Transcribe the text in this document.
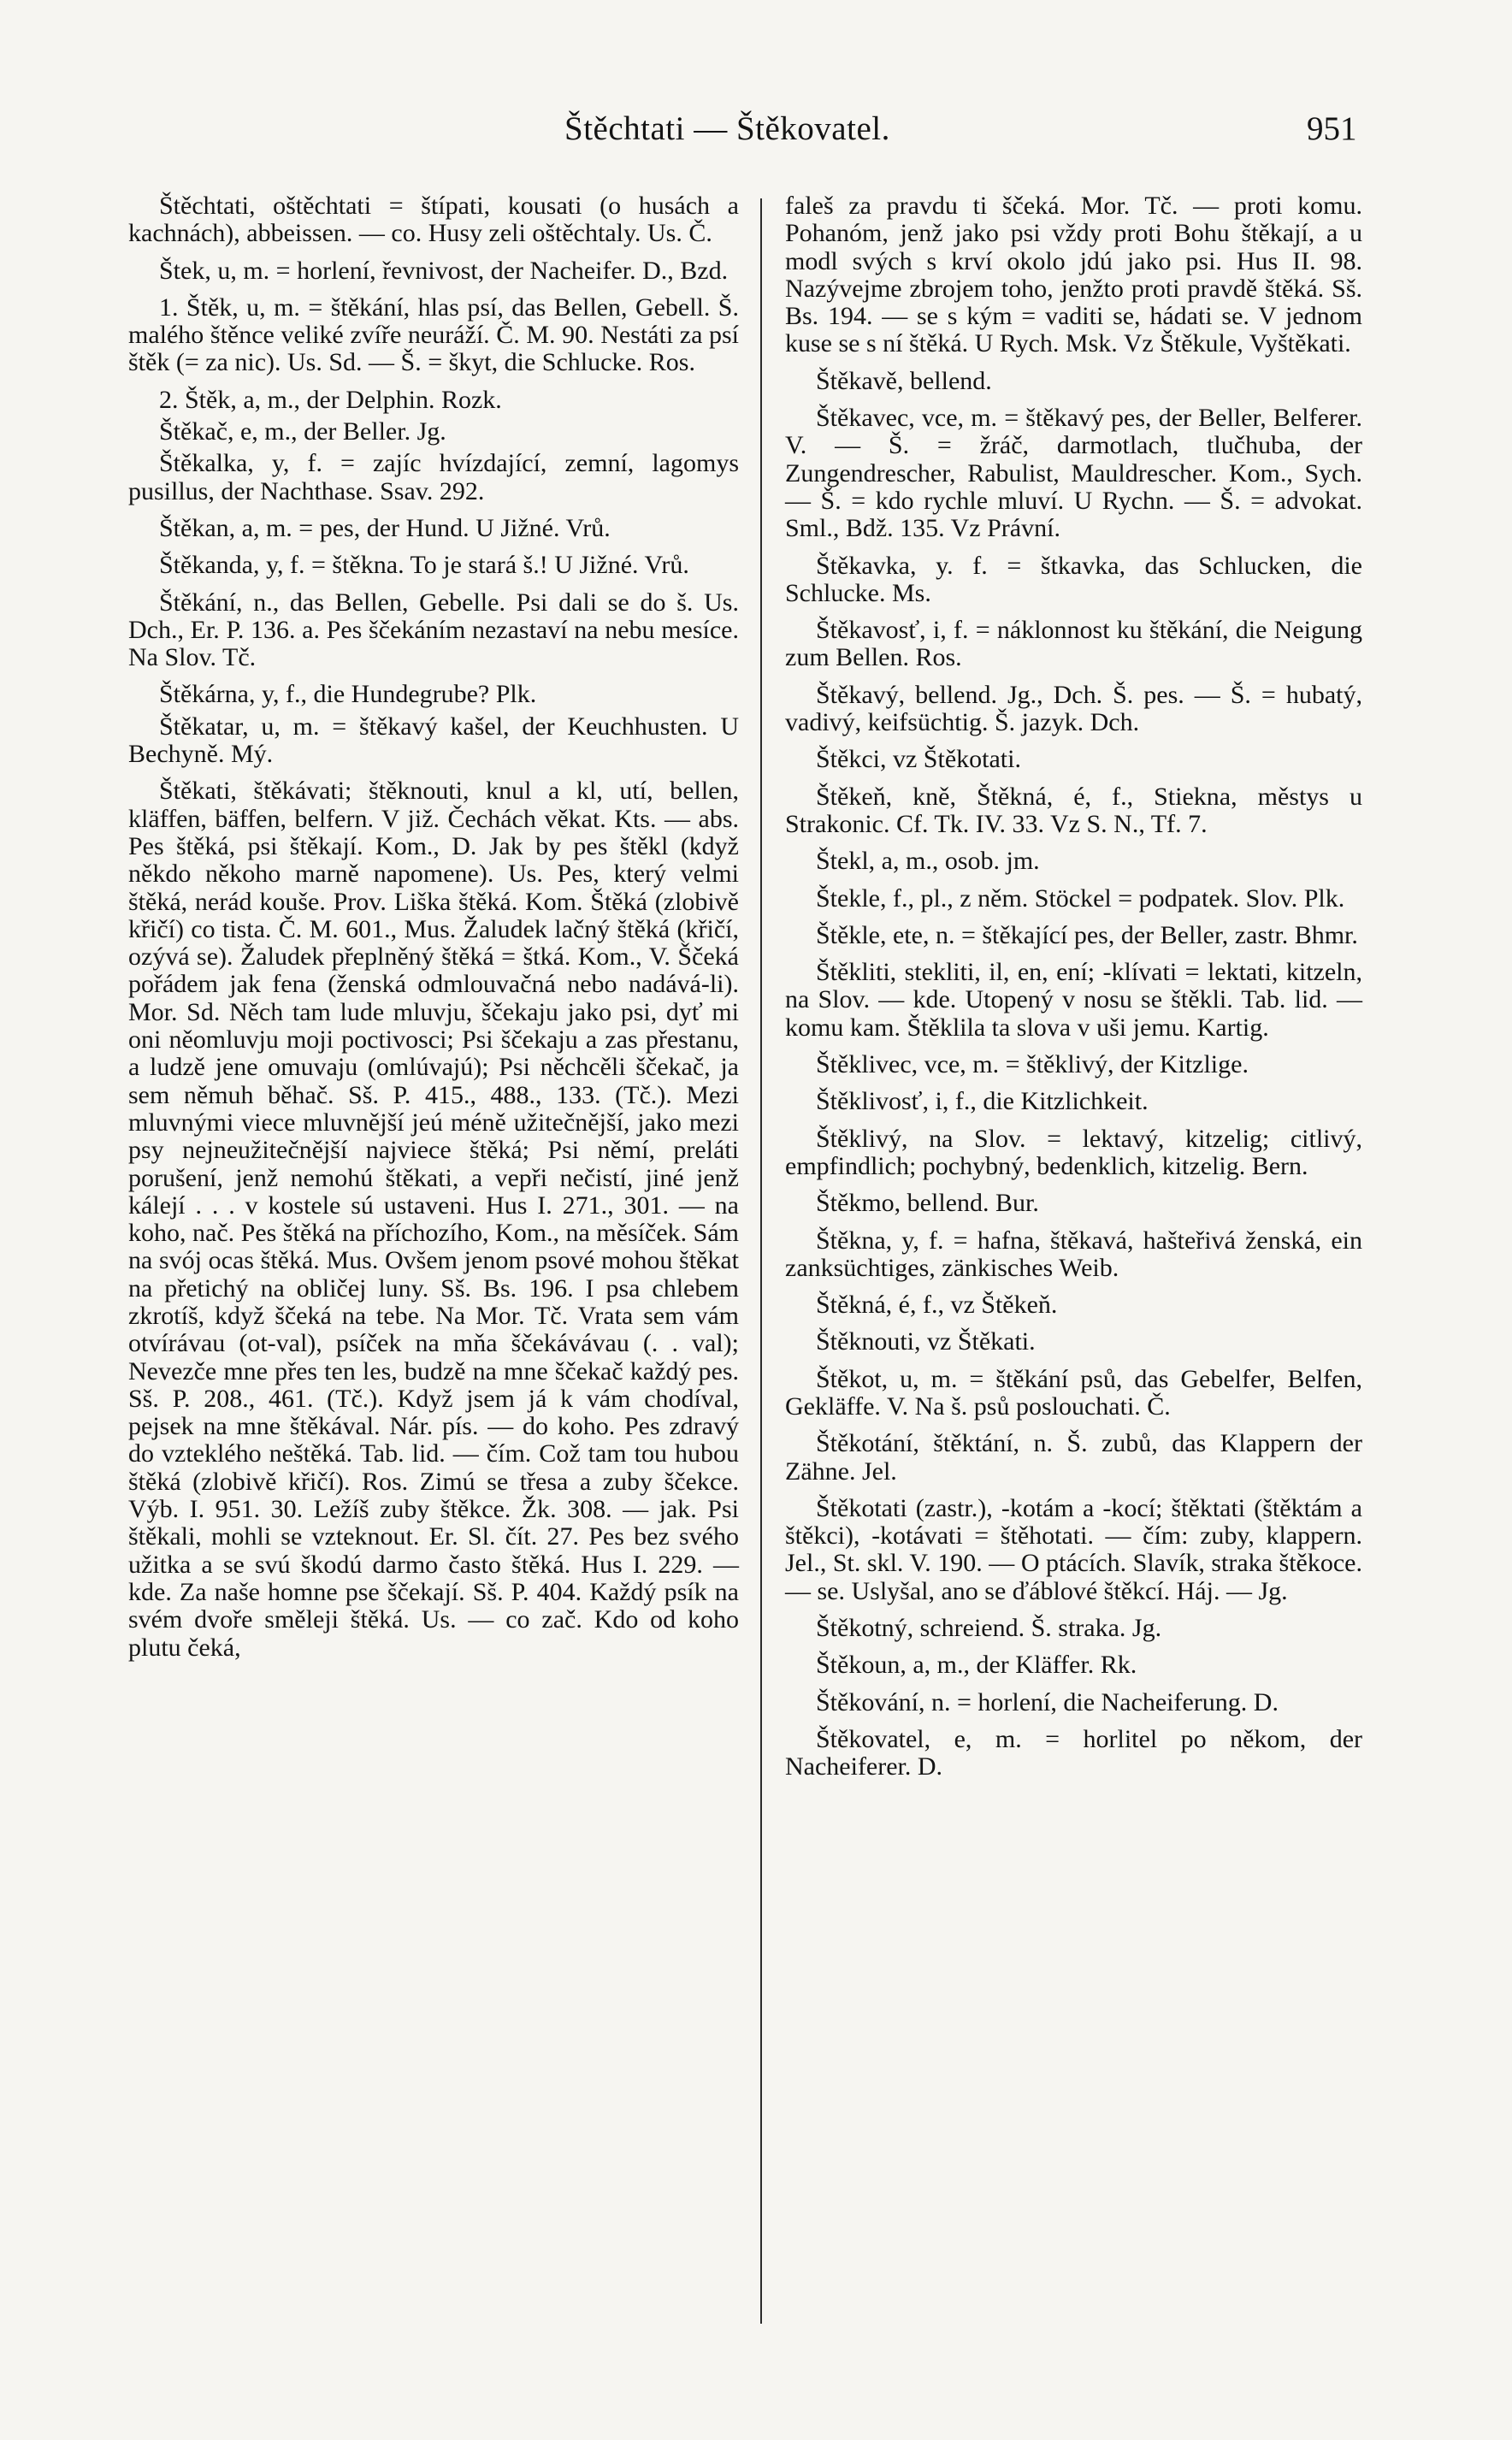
Štěchtati — Štěkovatel.	951

Štěchtati, oštěchtati = štípati, kousati (o husách a kachnách), abbeissen. — co. Husy zeli oštěchtaly. Us. Č.

Štek, u, m. = horlení, řevnivost, der Nacheifer. D., Bzd.

1. Štěk, u, m. = štěkání, hlas psí, das Bellen, Gebell. Š. malého štěnce veliké zvíře neuráží. Č. M. 90. Nestáti za psí štěk (= za nic). Us. Sd. — Š. = škyt, die Schlucke. Ros.

2. Štěk, a, m., der Delphin. Rozk.

Štěkač, e, m., der Beller. Jg.

Štěkalka, y, f. = zajíc hvízdající, zemní, lagomys pusillus, der Nachthase. Ssav. 292.

Štěkan, a, m. = pes, der Hund. U Jižné. Vrů.

Štěkanda, y, f. = štěkna. To je stará š.! U Jižné. Vrů.

Štěkání, n., das Bellen, Gebelle. Psi dali se do š. Us. Dch., Er. P. 136. a. Pes ščekáním nezastaví na nebu mesíce. Na Slov. Tč.

Štěkárna, y, f., die Hundegrube? Plk.

Štěkatar, u, m. = štěkavý kašel, der Keuchhusten. U Bechyně. Mý.

Štěkati, štěkávati; štěknouti, knul a kl, utí, bellen, kläffen, bäffen, belfern. V již. Čechách věkat. Kts. — abs. Pes štěká, psi štěkají. Kom., D. Jak by pes štěkl (když někdo někoho marně napomene). Us. Pes, který velmi štěká, nerád kouše. Prov. Liška štěká. Kom. Štěká (zlobivě křičí) co tista. Č. M. 601., Mus. Žaludek lačný štěká (křičí, ozývá se). Žaludek přeplněný štěká = štká. Kom., V. Ščeká pořádem jak fena (ženská odmlouvačná nebo nadává-li). Mor. Sd. Něch tam lude mluvju, ščekaju jako psi, dyť mi oni něomluvju moji poctivosci; Psi ščekaju a zas přestanu, a ludzě jene omuvaju (omlúvajú); Psi něchcěli ščekač, ja sem němuh běhač. Sš. P. 415., 488., 133. (Tč.). Mezi mluvnými viece mluvnější jeú méně užitečnější, jako mezi psy nejneužitečnější najviece štěká; Psi němí, preláti porušení, jenž nemohú štěkati, a vepři nečistí, jiné jenž kálejí . . . v kostele sú ustaveni. Hus I. 271., 301. — na koho, nač. Pes štěká na příchozího, Kom., na měsíček. Sám na svój ocas štěká. Mus. Ovšem jenom psové mohou štěkat na přetichý na obličej luny. Sš. Bs. 196. I psa chlebem zkrotíš, když ščeká na tebe. Na Mor. Tč. Vrata sem vám otvírávau (ot-val), psíček na mňa ščekávávau (. . val); Nevezče mne přes ten les, budzě na mne ščekač každý pes. Sš. P. 208., 461. (Tč.). Když jsem já k vám chodíval, pejsek na mne štěkával. Nár. pís. — do koho. Pes zdravý do vzteklého neštěká. Tab. lid. — čím. Což tam tou hubou štěká (zlobivě křičí). Ros. Zimú se třesa a zuby ščekce. Výb. I. 951. 30. Ležíš zuby štěkce. Žk. 308. — jak. Psi štěkali, mohli se vzteknout. Er. Sl. čít. 27. Pes bez svého užitka a se svú škodú darmo často štěká. Hus I. 229. — kde. Za naše homne pse ščekají. Sš. P. 404. Každý psík na svém dvoře směleji štěká. Us. — co zač. Kdo od koho plutu čeká,

faleš za pravdu ti ščeká. Mor. Tč. — proti komu. Pohanóm, jenž jako psi vždy proti Bohu štěkají, a u modl svých s krví okolo jdú jako psi. Hus II. 98. Nazývejme zbrojem toho, jenžto proti pravdě štěká. Sš. Bs. 194. — se s kým = vaditi se, hádati se. V jednom kuse se s ní štěká. U Rych. Msk. Vz Štěkule, Vyštěkati.

Štěkavě, bellend.

Štěkavec, vce, m. = štěkavý pes, der Beller, Belferer. V. — Š. = žráč, darmotlach, tlučhuba, der Zungendrescher, Rabulist, Mauldrescher. Kom., Sych. — Š. = kdo rychle mluví. U Rychn. — Š. = advokat. Sml., Bdž. 135. Vz Právní.

Štěkavka, y. f. = štkavka, das Schlucken, die Schlucke. Ms.

Štěkavosť, i, f. = náklonnost ku štěkání, die Neigung zum Bellen. Ros.

Štěkavý, bellend. Jg., Dch. Š. pes. — Š. = hubatý, vadivý, keifsüchtig. Š. jazyk. Dch.

Štěkci, vz Štěkotati.

Štěkeň, kně, Štěkná, é, f., Stiekna, městys u Strakonic. Cf. Tk. IV. 33. Vz S. N., Tf. 7.

Štekl, a, m., osob. jm.

Štekle, f., pl., z něm. Stöckel = podpatek. Slov. Plk.

Štěkle, ete, n. = štěkající pes, der Beller, zastr. Bhmr.

Štěkliti, stekliti, il, en, ení; -klívati = lektati, kitzeln, na Slov. — kde. Utopený v nosu se štěkli. Tab. lid. — komu kam. Štěklila ta slova v uši jemu. Kartig.

Štěklivec, vce, m. = štěklivý, der Kitzlige.

Štěklivosť, i, f., die Kitzlichkeit.

Štěklivý, na Slov. = lektavý, kitzelig; citlivý, empfindlich; pochybný, bedenklich, kitzelig. Bern.

Štěkmo, bellend. Bur.

Štěkna, y, f. = hafna, štěkavá, hašteřivá ženská, ein zanksüchtiges, zänkisches Weib.

Štěkná, é, f., vz Štěkeň.

Štěknouti, vz Štěkati.

Štěkot, u, m. = štěkání psů, das Gebelfer, Belfen, Gekläffe. V. Na š. psů poslouchati. Č.

Štěkotání, štěktání, n. Š. zubů, das Klappern der Zähne. Jel.

Štěkotati (zastr.), -kotám a -kocí; štěktati (štěktám a štěkci), -kotávati = štěhotati. — čím: zuby, klappern. Jel., St. skl. V. 190. — O ptácích. Slavík, straka štěkoce. — se. Uslyšal, ano se ďáblové štěkcí. Háj. — Jg.

Štěkotný, schreiend. Š. straka. Jg.

Štěkoun, a, m., der Kläffer. Rk.

Štěkování, n. = horlení, die Nacheiferung. D.

Štěkovatel, e, m. = horlitel po někom, der Nacheiferer. D.
